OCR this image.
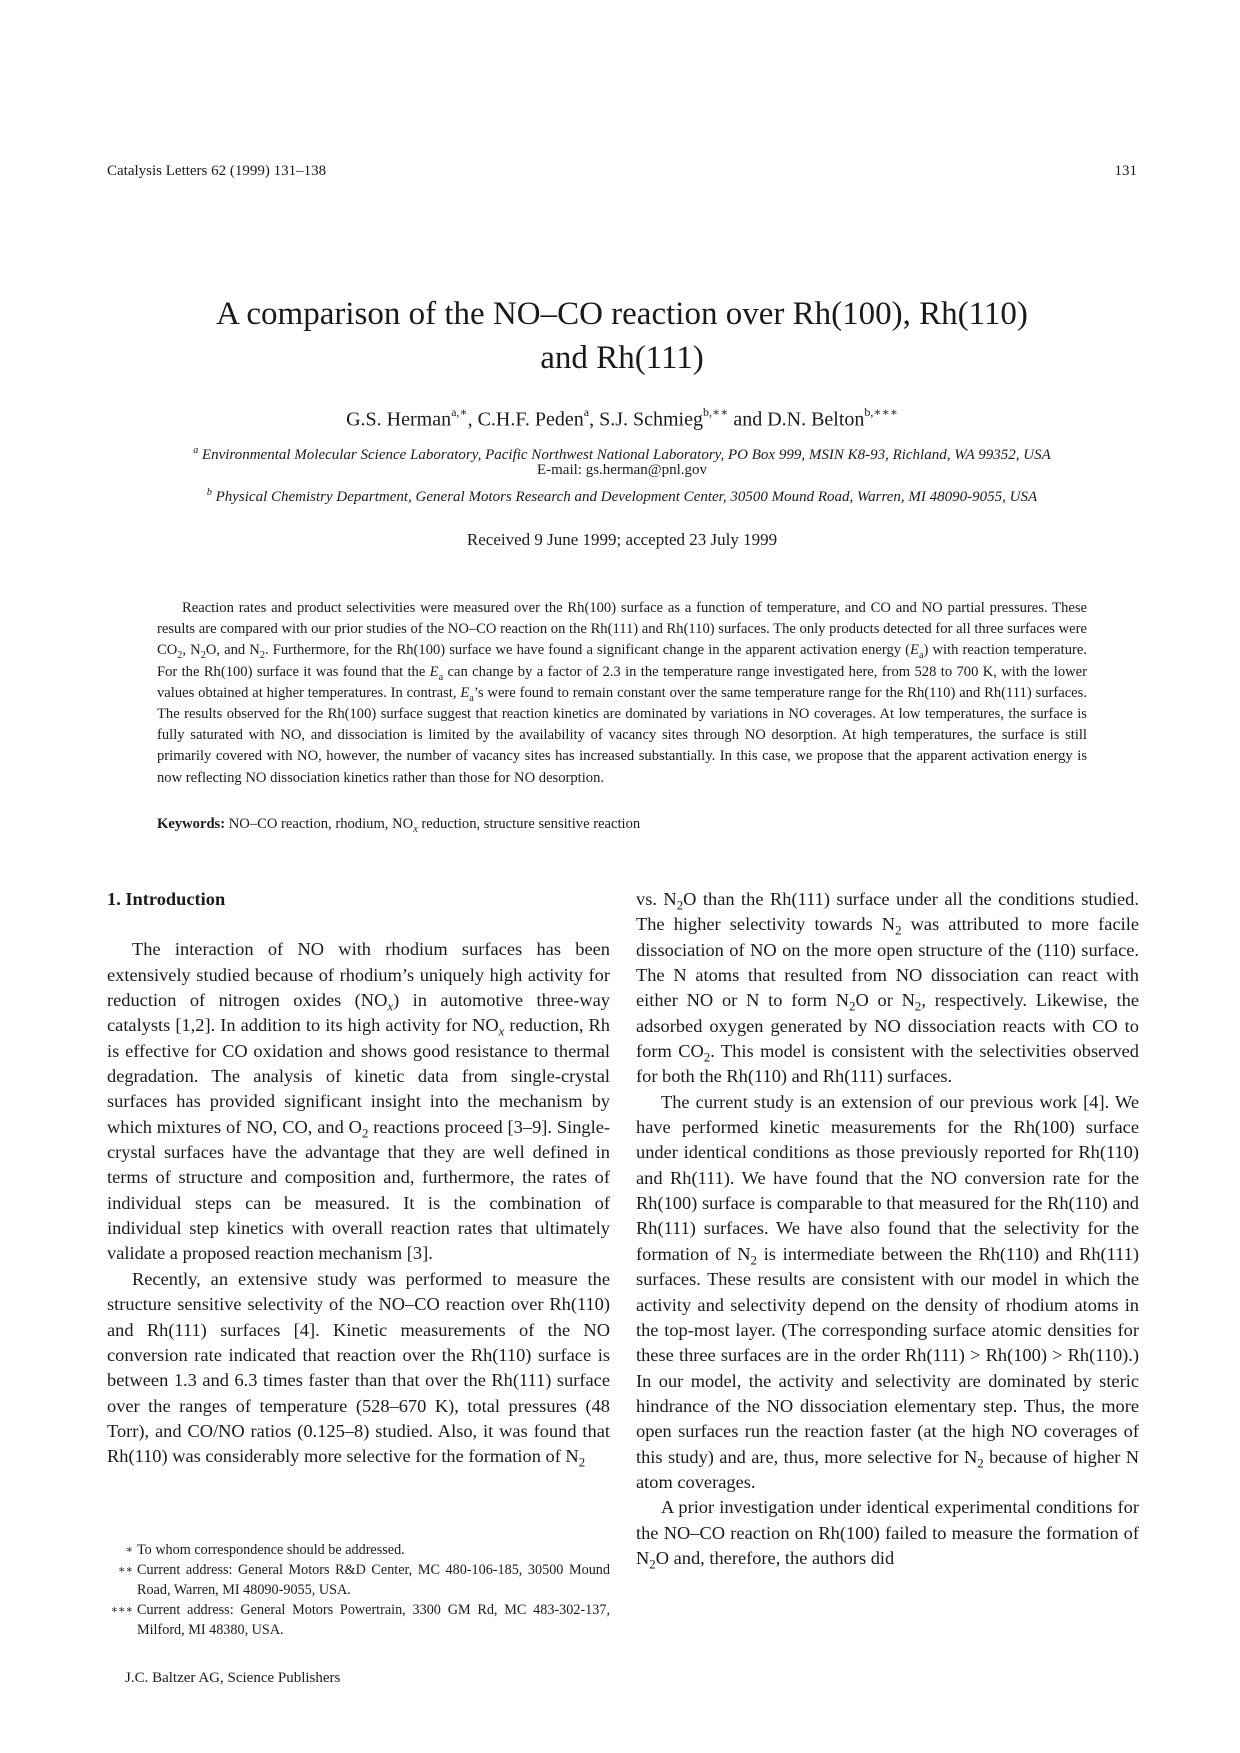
Catalysis Letters 62 (1999) 131–138	131
A comparison of the NO–CO reaction over Rh(100), Rh(110)
and Rh(111)
G.S. Herman$^{a,∗}$, C.H.F. Peden$^a$, S.J. Schmieg$^{b,∗∗}$ and D.N. Belton$^{b,∗∗∗}$
$^a$ Environmental Molecular Science Laboratory, Pacific Northwest National Laboratory, PO Box 999, MSIN K8-93, Richland, WA 99352, USA
E-mail: gs.herman@pnl.gov
$^b$ Physical Chemistry Department, General Motors Research and Development Center, 30500 Mound Road, Warren, MI 48090-9055, USA
Received 9 June 1999; accepted 23 July 1999
Reaction rates and product selectivities were measured over the Rh(100) surface as a function of temperature, and CO and NO partial pressures. These results are compared with our prior studies of the NO–CO reaction on the Rh(111) and Rh(110) surfaces. The only products detected for all three surfaces were $CO_2$, $N_2O$, and $N_2$. Furthermore, for the Rh(100) surface we have found a significant change in the apparent activation energy $(E_a)$ with reaction temperature. For the Rh(100) surface it was found that the $E_a$ can change by a factor of 2.3 in the temperature range investigated here, from 528 to 700 K, with the lower values obtained at higher temperatures. In contrast, $E_a’s$ were found to remain constant over the same temperature range for the Rh(110) and Rh(111) surfaces. The results observed for the Rh(100) surface suggest that reaction kinetics are dominated by variations in NO coverages. At low temperatures, the surface is fully saturated with NO, and dissociation is limited by the availability of vacancy sites through NO desorption. At high temperatures, the surface is still primarily covered with NO, however, the number of vacancy sites has increased substantially. In this case, we propose that the apparent activation energy is now reflecting NO dissociation kinetics rather than those for NO desorption.
Keywords: NO–CO reaction, rhodium, $NO_x$ reduction, structure sensitive reaction
1. Introduction

The interaction of NO with rhodium surfaces has been extensively studied because of rhodium’s uniquely high activity for reduction of nitrogen oxides $(NO_x)$ in automotive three-way catalysts [1,2]. In addition to its high activity for $NO_x$ reduction, Rh is effective for CO oxidation and shows good resistance to thermal degradation. The analysis of kinetic data from single-crystal surfaces has provided significant insight into the mechanism by which mixtures of NO, CO, and $O_2$ reactions proceed [3–9]. Single-crystal surfaces have the advantage that they are well defined in terms of structure and composition and, furthermore, the rates of individual steps can be measured. It is the combination of individual step kinetics with overall reaction rates that ultimately validate a proposed reaction mechanism [3].

Recently, an extensive study was performed to measure the structure sensitive selectivity of the NO–CO reaction over Rh(110) and Rh(111) surfaces [4]. Kinetic measurements of the NO conversion rate indicated that reaction over the Rh(110) surface is between 1.3 and 6.3 times faster than that over the Rh(111) surface over the ranges of temperature (528–670 K), total pressures (48 Torr), and CO/NO ratios (0.125–8) studied. Also, it was found that Rh(110) was considerably more selective for the formation of $N_2$

vs. $N_2O$ than the Rh(111) surface under all the conditions studied. The higher selectivity towards $N_2$ was attributed to more facile dissociation of NO on the more open structure of the (110) surface. The N atoms that resulted from NO dissociation can react with either NO or N to form $N_2O$ or $N_2$, respectively. Likewise, the adsorbed oxygen generated by NO dissociation reacts with CO to form $CO_2$. This model is consistent with the selectivities observed for both the Rh(110) and Rh(111) surfaces.

The current study is an extension of our previous work [4]. We have performed kinetic measurements for the Rh(100) surface under identical conditions as those previously reported for Rh(110) and Rh(111). We have found that the NO conversion rate for the Rh(100) surface is comparable to that measured for the Rh(110) and Rh(111) surfaces. We have also found that the selectivity for the formation of $N_2$ is intermediate between the Rh(110) and Rh(111) surfaces. These results are consistent with our model in which the activity and selectivity depend on the density of rhodium atoms in the top-most layer. (The corresponding surface atomic densities for these three surfaces are in the order Rh(111) > Rh(100) > Rh(110).) In our model, the activity and selectivity are dominated by steric hindrance of the NO dissociation elementary step. Thus, the more open surfaces run the reaction faster (at the high NO coverages of this study) and are, thus, more selective for $N_2$ because of higher N atom coverages.

A prior investigation under identical experimental conditions for the NO–CO reaction on Rh(100) failed to measure the formation of $N_2O$ and, therefore, the authors did

∗ To whom correspondence should be addressed.
∗∗ Current address: General Motors R&D Center, MC 480-106-185, 30500 Mound Road, Warren, MI 48090-9055, USA.
∗∗∗ Current address: General Motors Powertrain, 3300 GM Rd, MC 483-302-137, Milford, MI 48380, USA.
J.C. Baltzer AG, Science Publishers
